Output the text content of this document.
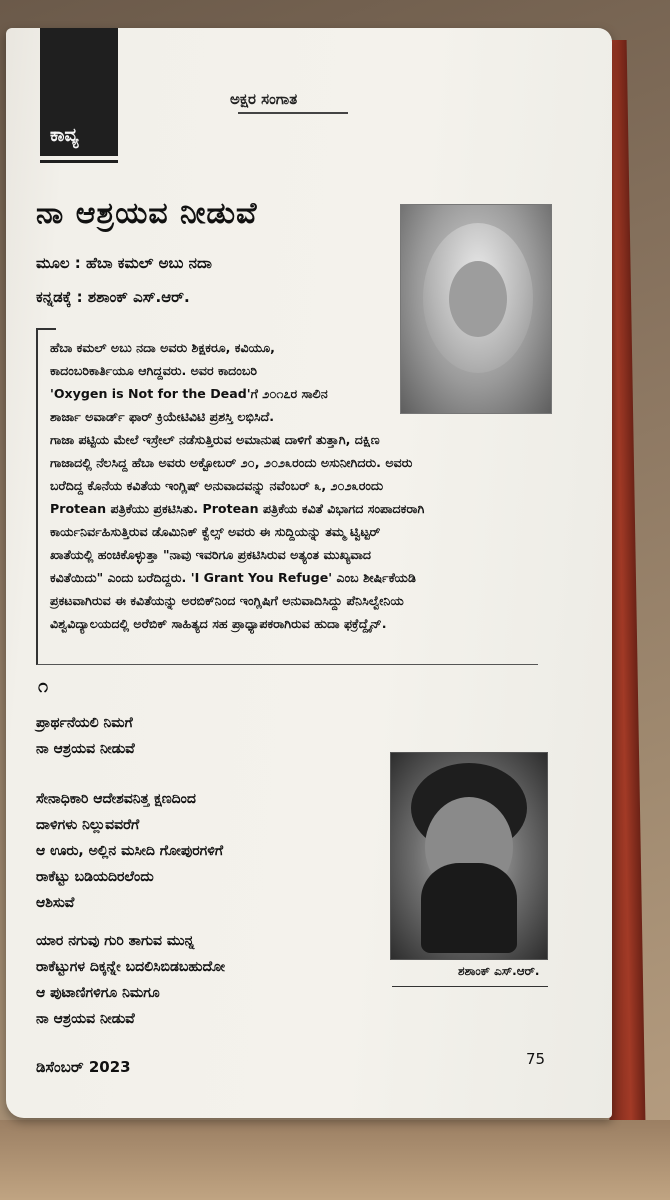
ಕಾವ್ಯ
ಅಕ್ಷರ ಸಂಗಾತ
ನಾ ಆಶ್ರಯವ ನೀಡುವೆ
ಮೂಲ : ಹೆಬಾ ಕಮಲ್ ಅಬು ನದಾ
ಕನ್ನಡಕ್ಕೆ : ಶಶಾಂಕ್ ಎಸ್.ಆರ್.

ಹೆಬಾ ಕಮಲ್ ಅಬು ನದಾ ಅವರು ಶಿಕ್ಷಕರೂ, ಕವಿಯೂ,

ಕಾದಂಬರಿಕಾರ್ತಿಯೂ ಆಗಿದ್ದವರು. ಅವರ ಕಾದಂಬರಿ

'Oxygen is Not for the Dead'ಗೆ ೨೦೧೭ರ ಸಾಲಿನ

ಶಾರ್ಜಾ ಅವಾರ್ಡ್ ಫಾರ್ ಕ್ರಿಯೇಟಿವಿಟಿ ಪ್ರಶಸ್ತಿ ಲಭಿಸಿದೆ.

ಗಾಜಾ ಪಟ್ಟಿಯ ಮೇಲೆ ಇಸ್ರೇಲ್ ನಡೆಸುತ್ತಿರುವ ಅಮಾನುಷ ದಾಳಿಗೆ ತುತ್ತಾಗಿ, ದಕ್ಷಿಣ

ಗಾಜಾದಲ್ಲಿ ನೆಲಸಿದ್ದ ಹೆಬಾ ಅವರು ಅಕ್ಟೋಬರ್ ೨೦, ೨೦೨೩ರಂದು ಅಸುನೀಗಿದರು. ಅವರು

ಬರೆದಿದ್ದ ಕೊನೆಯ ಕವಿತೆಯ ಇಂಗ್ಲಿಷ್ ಅನುವಾದವನ್ನು ನವೆಂಬರ್ ೩, ೨೦೨೩ರಂದು

Protean ಪತ್ರಿಕೆಯು ಪ್ರಕಟಿಸಿತು. Protean ಪತ್ರಿಕೆಯ ಕವಿತೆ ವಿಭಾಗದ ಸಂಪಾದಕರಾಗಿ

ಕಾರ್ಯನಿರ್ವಹಿಸುತ್ತಿರುವ ಡೊಮಿನಿಕ್ ಕ್ವೆಲ್ಸ್ ಅವರು ಈ ಸುದ್ದಿಯನ್ನು ತಮ್ಮ ಟ್ವಿಟ್ಟರ್

ಖಾತೆಯಲ್ಲಿ ಹಂಚಿಕೊಳ್ಳುತ್ತಾ "ನಾವು ಇವರಿಗೂ ಪ್ರಕಟಿಸಿರುವ ಅತ್ಯಂತ ಮುಖ್ಯವಾದ

ಕವಿತೆಯಿದು" ಎಂದು ಬರೆದಿದ್ದರು. 'I Grant You Refuge' ಎಂಬ ಶೀರ್ಷಿಕೆಯಡಿ

ಪ್ರಕಟವಾಗಿರುವ ಈ ಕವಿತೆಯನ್ನು ಅರಬಿಕ್‌ನಿಂದ ಇಂಗ್ಲಿಷಿಗೆ ಅನುವಾದಿಸಿದ್ದು ಪೆನಿಸಿಲ್ವೇನಿಯ

ವಿಶ್ವವಿದ್ಯಾಲಯದಲ್ಲಿ ಅರೆಬಿಕ್ ಸಾಹಿತ್ಯದ ಸಹ ಪ್ರಾಧ್ಯಾಪಕರಾಗಿರುವ ಹುದಾ ಫಕ್ರೆದ್ದೈನ್.

೧

ಪ್ರಾರ್ಥನೆಯಲಿ ನಿಮಗೆ

ನಾ ಆಶ್ರಯವ ನೀಡುವೆ

ಸೇನಾಧಿಕಾರಿ ಆದೇಶವನಿತ್ತ ಕ್ಷಣದಿಂದ

ದಾಳಿಗಳು ನಿಲ್ಲುವವರೆಗೆ

ಆ ಊರು, ಅಲ್ಲಿನ ಮಸೀದಿ ಗೋಪುರಗಳಿಗೆ

ರಾಕೆಟ್ಟು ಬಡಿಯದಿರಲೆಂದು

ಆಶಿಸುವೆ

ಯಾರ ನಗುವು ಗುರಿ ತಾಗುವ ಮುನ್ನ

ರಾಕೆಟ್ಟುಗಳ ದಿಕ್ಕನ್ನೇ ಬದಲಿಸಿಬಿಡಬಹುದೋ

ಆ ಪುಟಾಣಿಗಳಿಗೂ ನಿಮಗೂ

ನಾ ಆಶ್ರಯವ ನೀಡುವೆ

ಶಶಾಂಕ್ ಎಸ್.ಆರ್.
ಡಿಸೆಂಬರ್ 2023	75
